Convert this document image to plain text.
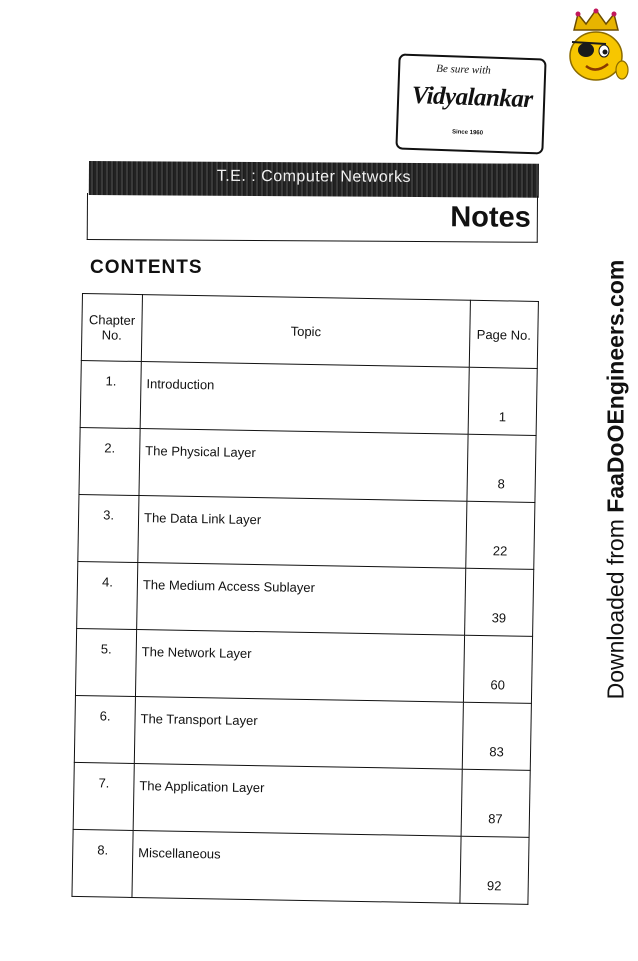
Be sure with
Vidyalankar
Since 1960
T.E. : Computer Networks
Notes
CONTENTS
Chapter
No.	Topic	Page No.
1.	Introduction	1
2.	The Physical Layer	8
3.	The Data Link Layer	22
4.	The Medium Access Sublayer	39
5.	The Network Layer	60
6.	The Transport Layer	83
7.	The Application Layer	87
8.	Miscellaneous	92
Downloaded from FaaDoOEngineers.com
